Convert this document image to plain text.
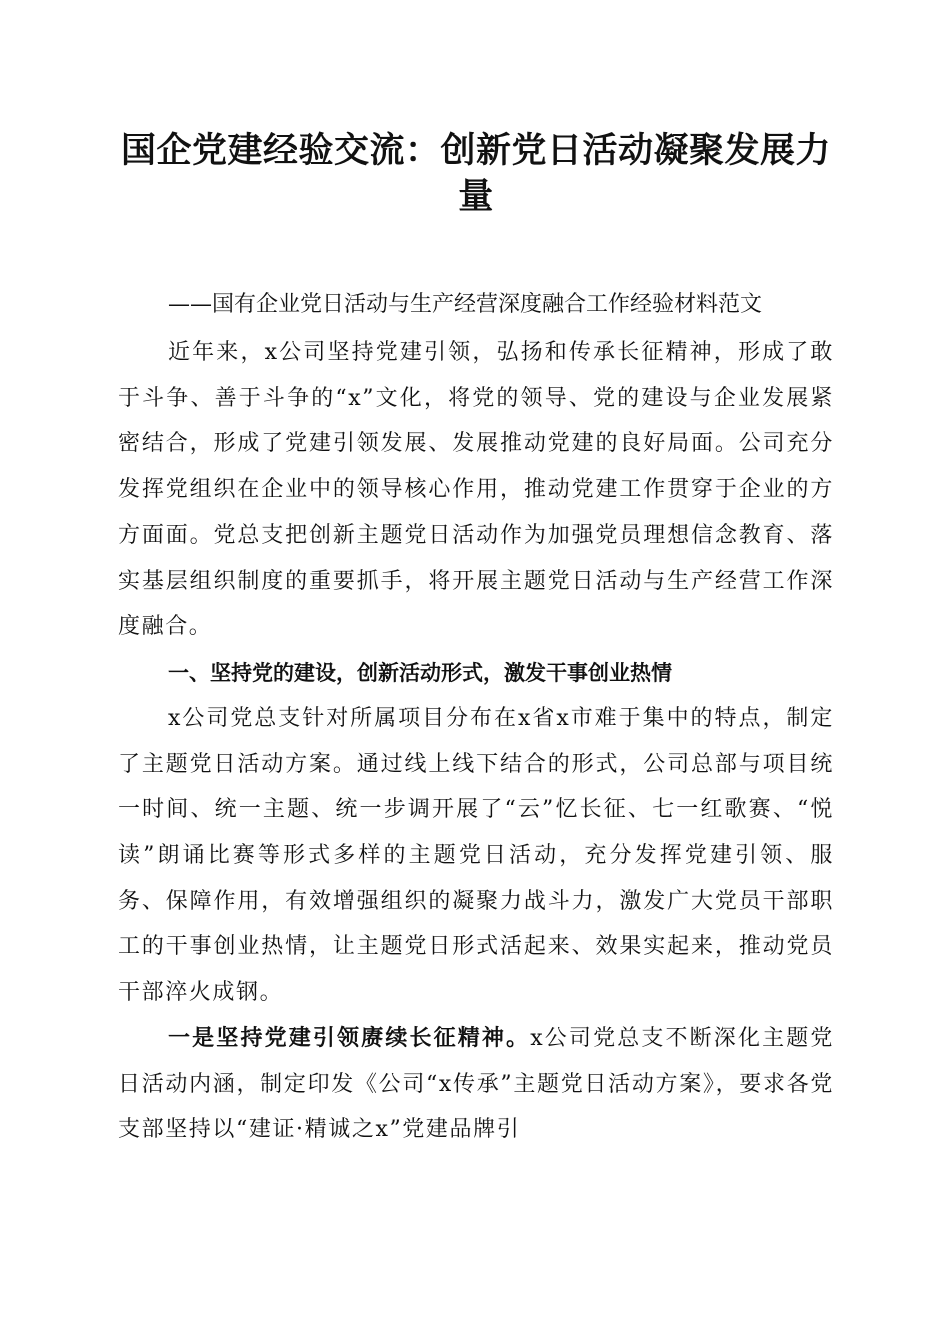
国企党建经验交流：创新党日活动凝聚发展力量

——国有企业党日活动与生产经营深度融合工作经验材料范文

近年来，x公司坚持党建引领，弘扬和传承长征精神，形成了敢于斗争、善于斗争的“x”文化，将党的领导、党的建设与企业发展紧密结合，形成了党建引领发展、发展推动党建的良好局面。公司充分发挥党组织在企业中的领导核心作用，推动党建工作贯穿于企业的方方面面。党总支把创新主题党日活动作为加强党员理想信念教育、落实基层组织制度的重要抓手，将开展主题党日活动与生产经营工作深度融合。

一、坚持党的建设，创新活动形式，激发干事创业热情

x公司党总支针对所属项目分布在x省x市难于集中的特点，制定了主题党日活动方案。通过线上线下结合的形式，公司总部与项目统一时间、统一主题、统一步调开展了“云”忆长征、七一红歌赛、“悦读”朗诵比赛等形式多样的主题党日活动，充分发挥党建引领、服务、保障作用，有效增强组织的凝聚力战斗力，激发广大党员干部职工的干事创业热情，让主题党日形式活起来、效果实起来，推动党员干部淬火成钢。

一是坚持党建引领赓续长征精神。x公司党总支不断深化主题党日活动内涵，制定印发《公司“x传承”主题党日活动方案》，要求各党支部坚持以“建证·精诚之x”党建品牌引
